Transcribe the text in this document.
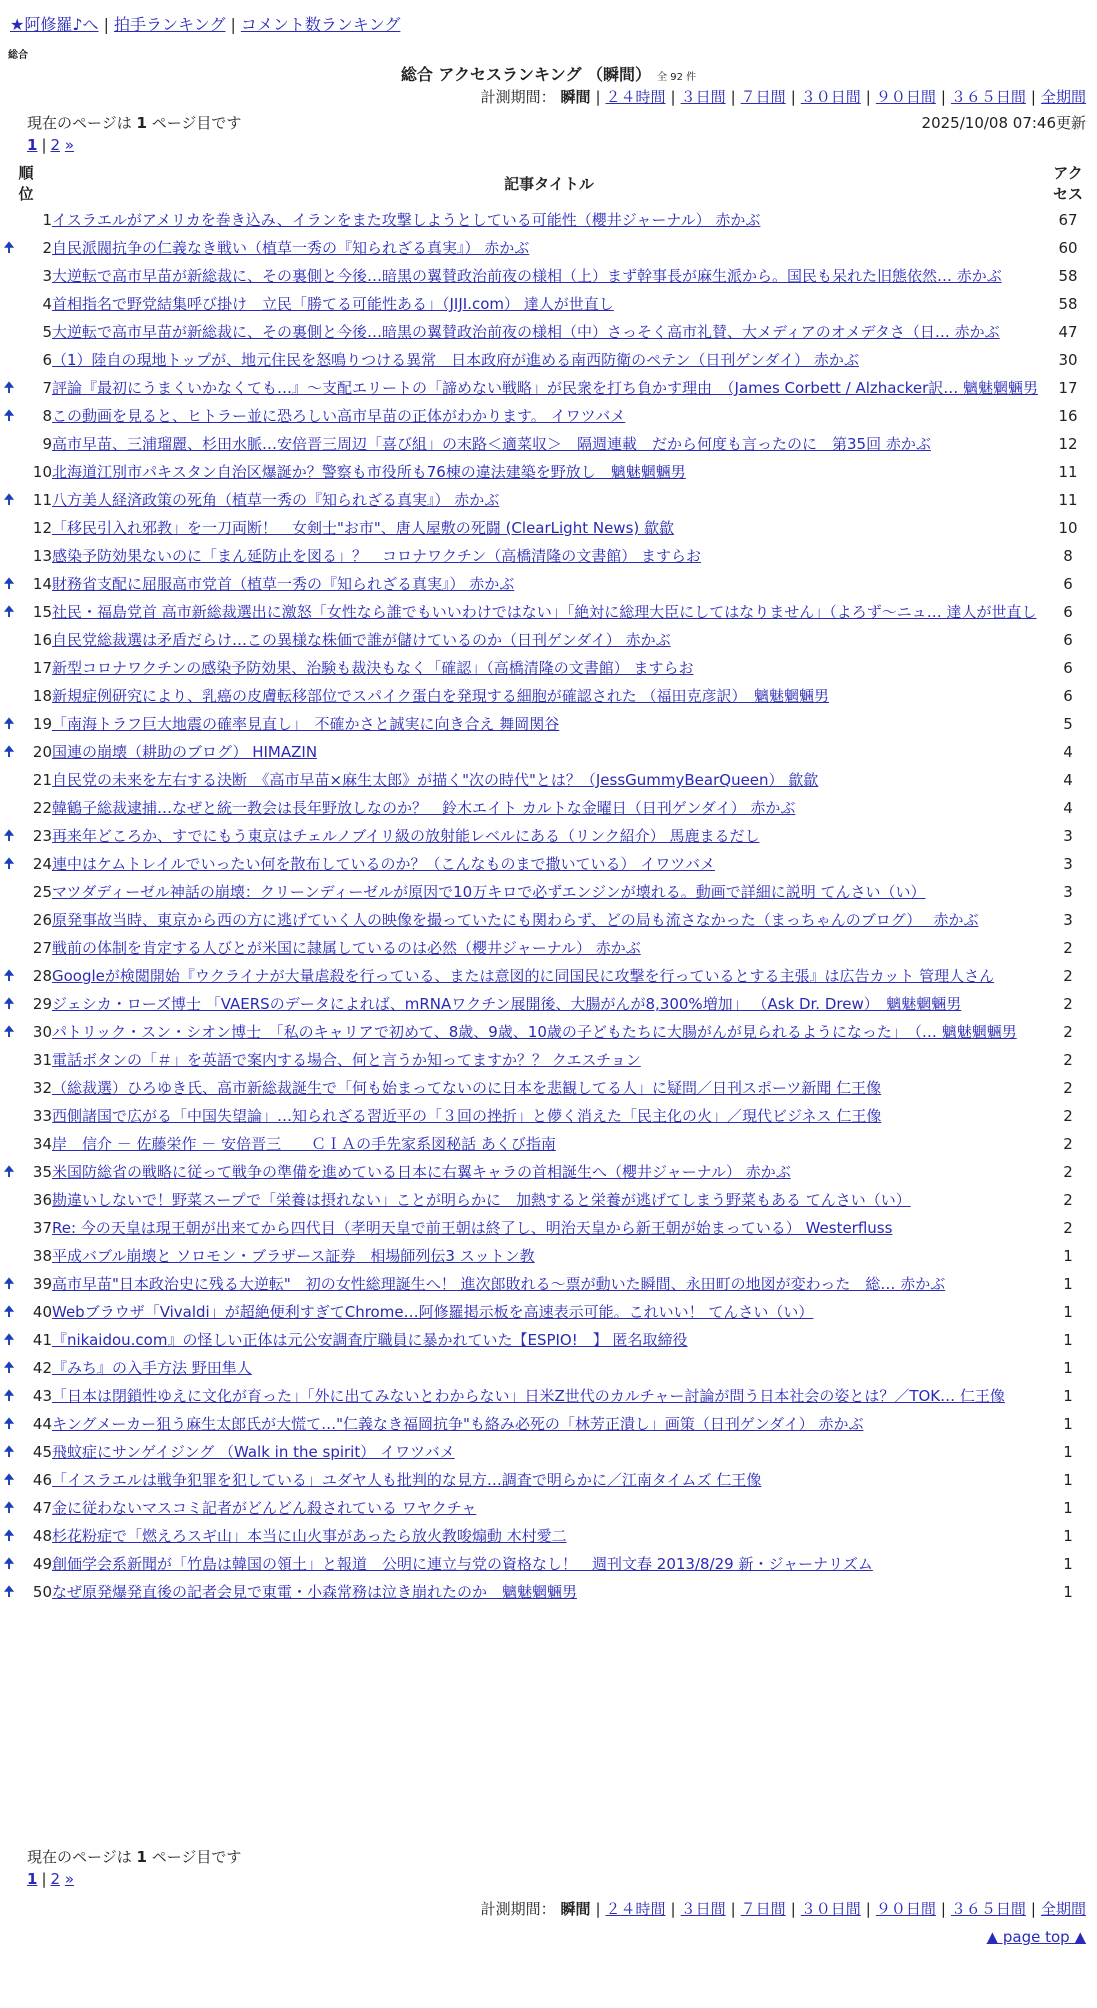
★阿修羅♪へ | 拍手ランキング | コメント数ランキング
総合
総合 アクセスランキング （瞬間） 全 92 件
計測期間： 瞬間 | ２４時間 | ３日間 | ７日間 | ３０日間 | ９０日間 | ３６５日間 | 全期間
現在のページは 1 ページ目です	2025/10/08 07:46更新
1 | 2 »
順
位		記事タイトル	アク
セス
	1	イスラエルがアメリカを巻き込み、イランをまた攻撃しようとしている可能性（櫻井ジャーナル） 赤かぶ	67
🠉	2	自民派閥抗争の仁義なき戦い（植草一秀の『知られざる真実』） 赤かぶ	60
	3	大逆転で高市早苗が新総裁に、その裏側と今後…暗黒の翼賛政治前夜の様相（上）まず幹事長が麻生派から。国民も呆れた旧態依然… 赤かぶ	58
	4	首相指名で野党結集呼び掛け　立民「勝てる可能性ある」（JIJI.com） 達人が世直し	58
	5	大逆転で高市早苗が新総裁に、その裏側と今後…暗黒の翼賛政治前夜の様相（中）さっそく高市礼賛、大メディアのオメデタさ（日… 赤かぶ	47
	6	（1）陸自の現地トップが、地元住民を怒鳴りつける異常　日本政府が進める南西防衛のペテン（日刊ゲンダイ） 赤かぶ	30
🠉	7	評論『最初にうまくいかなくても…』～支配エリートの「諦めない戦略」が民衆を打ち負かす理由　（James Corbett / Alzhacker訳… 魑魅魍魎男	17
🠉	8	この動画を見ると、ヒトラー並に恐ろしい高市早苗の正体がわかります。 イワツバメ	16
	9	高市早苗、三浦瑠麗、杉田水脈…安倍晋三周辺「喜び組」の末路＜適菜収＞　隔週連載　だから何度も言ったのに　第35回 赤かぶ	12
	10	北海道江別市パキスタン自治区爆誕か？警察も市役所も76棟の違法建築を野放し　魑魅魍魎男	11
🠉	11	八方美人経済政策の死角（植草一秀の『知られざる真実』） 赤かぶ	11
	12	「移民引入れ邪教」を一刀両断！　女剣士"お市"、唐人屋敷の死闘 (ClearLight News) 歙歙	10
	13	感染予防効果ないのに「まん延防止を図る」？　コロナワクチン（高橋清隆の文書館） ますらお	8
🠉	14	財務省支配に屈服高市党首（植草一秀の『知られざる真実』） 赤かぶ	6
🠉	15	社民・福島党首 高市新総裁選出に激怒「女性なら誰でもいいわけではない」「絶対に総理大臣にしてはなりません」（よろず～ニュ… 達人が世直し	6
	16	自民党総裁選は矛盾だらけ…この異様な株価で誰が儲けているのか（日刊ゲンダイ） 赤かぶ	6
	17	新型コロナワクチンの感染予防効果、治験も裁決もなく「確認」（高橋清隆の文書館） ますらお	6
	18	新規症例研究により、乳癌の皮膚転移部位でスパイク蛋白を発現する細胞が確認された （福田克彦訳）　魑魅魍魎男	6
🠉	19	「南海トラフ巨大地震の確率見直し」　不確かさと誠実に向き合え 舞岡関谷	5
🠉	20	国連の崩壊（耕助のブログ） HIMAZIN	4
	21	自民党の未来を左右する決断　《高市早苗×麻生太郎》が描く"次の時代"とは？（JessGummyBearQueen） 歙歙	4
	22	韓鶴子総裁逮捕…なぜと統一教会は長年野放しなのか？　鈴木エイト カルトな金曜日（日刊ゲンダイ） 赤かぶ	4
🠉	23	再来年どころか、すでにもう東京はチェルノブイリ級の放射能レベルにある（リンク紹介） 馬鹿まるだし	3
🠉	24	連中はケムトレイルでいったい何を散布しているのか？（こんなものまで撒いている） イワツバメ	3
	25	マツダディーゼル神話の崩壊：クリーンディーゼルが原因で10万キロで必ずエンジンが壊れる。動画で詳細に説明 てんさい（い）	3
	26	原発事故当時、東京から西の方に逃げていく人の映像を撮っていたにも関わらず、どの局も流さなかった（まっちゃんのブログ）　 赤かぶ	3
	27	戦前の体制を肯定する人びとが米国に隷属しているのは必然（櫻井ジャーナル） 赤かぶ	2
🠉	28	Googleが検閲開始『ウクライナが大量虐殺を行っている、または意図的に同国民に攻撃を行っているとする主張』は広告カット 管理人さん	2
🠉	29	ジェシカ・ローズ博士 「VAERSのデータによれば、mRNAワクチン展開後、大腸がんが8,300%増加」 （Ask Dr. Drew）　魑魅魍魎男	2
🠉	30	パトリック・スン・シオン博士　「私のキャリアで初めて、8歳、9歳、10歳の子どもたちに大腸がんが見られるようになった」　（… 魑魅魍魎男	2
	31	電話ボタンの「＃」を英語で案内する場合、何と言うか知ってますか？？ クエスチョン	2
	32	（総裁選）ひろゆき氏、高市新総裁誕生で「何も始まってないのに日本を悲観してる人」に疑問／日刊スポーツ新聞 仁王像	2
	33	西側諸国で広がる「中国失望論」…知られざる習近平の「３回の挫折」と儚く消えた「民主化の火」／現代ビジネス 仁王像	2
	34	岸　信介 － 佐藤栄作 － 安倍晋三　　ＣＩＡの手先家系図秘話 あくび指南	2
🠉	35	米国防総省の戦略に従って戦争の準備を進めている日本に右翼キャラの首相誕生へ（櫻井ジャーナル） 赤かぶ	2
	36	勘違いしないで！野菜スープで「栄養は摂れない」ことが明らかに　加熱すると栄養が逃げてしまう野菜もある てんさい（い）	2
	37	Re: 今の天皇は現王朝が出来てから四代目（孝明天皇で前王朝は終了し、明治天皇から新王朝が始まっている） Westerfluss	2
	38	平成バブル崩壊と ソロモン・ブラザース証券　相場師列伝3 スットン教	1
🠉	39	高市早苗"日本政治史に残る大逆転"　初の女性総理誕生へ！ 進次郎敗れる～票が動いた瞬間、永田町の地図が変わった　総… 赤かぶ	1
🠉	40	Webブラウザ「Vivaldi」が超絶便利すぎてChrome…阿修羅掲示板を高速表示可能。これいい！ てんさい（い）	1
🠉	41	『nikaidou.com』の怪しい正体は元公安調査庁職員に暴かれていた【ESPIO!　】 匿名取締役	1
🠉	42	『みち』の入手方法 野田隼人	1
🠉	43	「日本は閉鎖性ゆえに文化が育った」「外に出てみないとわからない」日米Z世代のカルチャー討論が問う日本社会の姿とは？／TOK… 仁王像	1
🠉	44	キングメーカー狙う麻生太郎氏が大慌て…"仁義なき福岡抗争"も絡み必死の「林芳正潰し」画策（日刊ゲンダイ） 赤かぶ	1
🠉	45	飛蚊症にサンゲイジング （Walk in the spirit） イワツバメ	1
🠉	46	「イスラエルは戦争犯罪を犯している」ユダヤ人も批判的な見方…調査で明らかに／江南タイムズ 仁王像	1
🠉	47	金に従わないマスコミ記者がどんどん殺されている ワヤクチャ	1
🠉	48	杉花粉症で「燃えろスギ山」本当に山火事があったら放火教唆煽動 木村愛二	1
🠉	49	創価学会系新聞が「竹島は韓国の領土」と報道　公明に連立与党の資格なし！　週刊文春 2013/8/29 新・ジャーナリズム	1
🠉	50	なぜ原発爆発直後の記者会見で東電・小森常務は泣き崩れたのか　魑魅魍魎男	1
現在のページは 1 ページ目です
1 | 2 »
計測期間： 瞬間 | ２４時間 | ３日間 | ７日間 | ３０日間 | ９０日間 | ３６５日間 | 全期間
▲ page top ▲
